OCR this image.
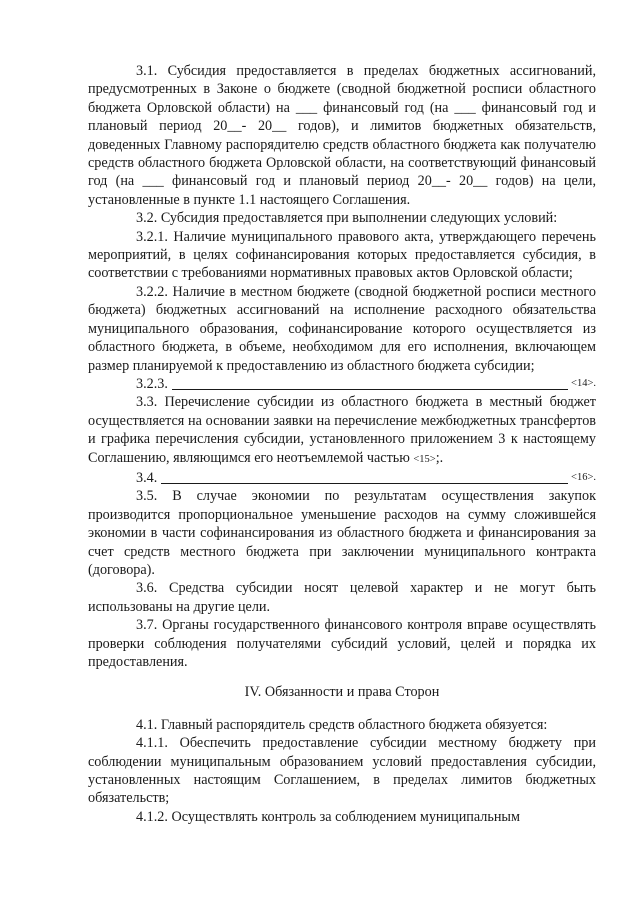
3.1. Субсидия предоставляется в пределах бюджетных ассигнований, предусмотренных в Законе о бюджете (сводной бюджетной росписи областного бюджета Орловской области) на ___ финансовый год (на ___ финансовый год и плановый период 20__- 20__ годов), и лимитов бюджетных обязательств, доведенных Главному распорядителю средств областного бюджета как получателю средств областного бюджета Орловской области, на соответствующий финансовый год (на ___ финансовый год и плановый период 20__- 20__ годов) на цели, установленные в пункте 1.1 настоящего Соглашения.

3.2. Субсидия предоставляется при выполнении следующих условий:

3.2.1. Наличие муниципального правового акта, утверждающего перечень мероприятий, в целях софинансирования которых предоставляется субсидия, в соответствии с требованиями нормативных правовых актов Орловской области;

3.2.2. Наличие в местном бюджете (сводной бюджетной росписи местного бюджета) бюджетных ассигнований на исполнение расходного обязательства муниципального образования, софинансирование которого осуществляется из областного бюджета, в объеме, необходимом для его исполнения, включающем размер планируемой к предоставлению из областного бюджета субсидии;

3.2.3.	<14>.

3.3. Перечисление субсидии из областного бюджета в местный бюджет осуществляется на основании заявки на перечисление межбюджетных трансфертов и графика перечисления субсидии, установленного приложением 3 к настоящему Соглашению, являющимся его неотъемлемой частью <15>;.

3.4.	<16>.

3.5. В случае экономии по результатам осуществления закупок производится пропорциональное уменьшение расходов на сумму сложившейся экономии в части софинансирования из областного бюджета и финансирования за счет средств местного бюджета при заключении муниципального контракта (договора).

3.6. Средства субсидии носят целевой характер и не могут быть использованы на другие цели.

3.7. Органы государственного финансового контроля вправе осуществлять проверки соблюдения получателями субсидий условий, целей и порядка их предоставления.

IV. Обязанности и права Сторон

4.1. Главный распорядитель средств областного бюджета обязуется:

4.1.1. Обеспечить предоставление субсидии местному бюджету при соблюдении муниципальным образованием условий предоставления субсидии, установленных настоящим Соглашением, в пределах лимитов бюджетных обязательств;

4.1.2. Осуществлять контроль за соблюдением муниципальным
